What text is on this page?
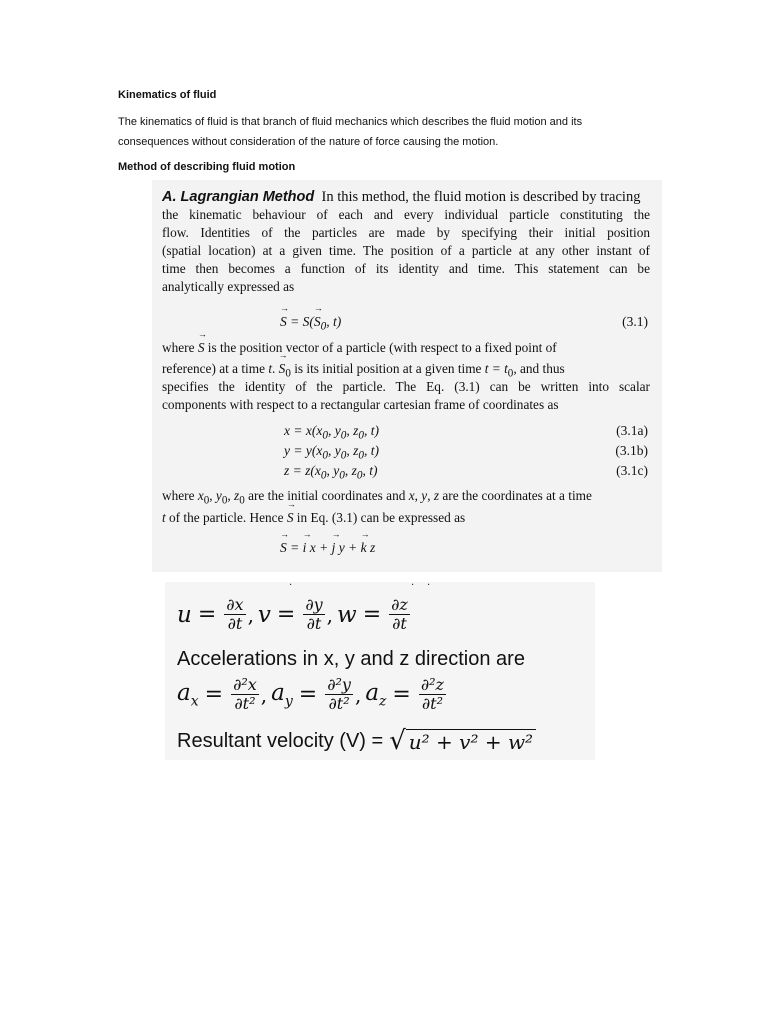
Kinematics of fluid
The kinematics of fluid is that branch of fluid mechanics which describes the fluid motion and its
consequences without consideration of the nature of force causing the motion.
Method of describing fluid motion
A. Lagrangian Method In this method, the fluid motion is described by tracing
the kinematic behaviour of each and every individual particle constituting the
flow. Identities of the particles are made by specifying their initial position
(spatial location) at a given time. The position of a particle at any other instant of
time then becomes a function of its identity and time. This statement can be
analytically expressed as
S → = $S(S \to_0$, t)	(3.1)
where S → is the position vector of a particle (with respect to a fixed point of
reference) at a time t. $S \to_0$ is its initial position at a given time $t = t_0$, and thus
specifies the identity of the particle. The Eq. (3.1) can be written into scalar
components with respect to a rectangular cartesian frame of coordinates as
$x = x(x_0$, $y_0$, $z_0$, t)	(3.1a)
$y = y(x_0$, $y_0$, $z_0$, t)	(3.1b)
$z = z(x_0$, $y_0$, $z_0$, t)	(3.1c)
where $x_0$, $y_0$, $z_0$ are the initial coordinates and x, y, z are the coordinates at a time
t of the particle. Hence S → in Eq. (3.1) can be expressed as
S → = i → x + j → y + k → z
·	· ·
$u = \frac{\partial x}{\partial t}$ , $v = \frac{\partial y}{\partial t}$ , $w = \frac{\partial z}{\partial t}$
Accelerations in x, y and z direction are
$a_x = \frac{\text{∂²x}}{\text{∂t²}}$ , $a_y = \frac{\text{∂²y}}{\text{∂t²}}$ , $a_z = \frac{\text{∂²z}}{\text{∂t²}}$
Resultant velocity (V) = √ u² + v² + w²
